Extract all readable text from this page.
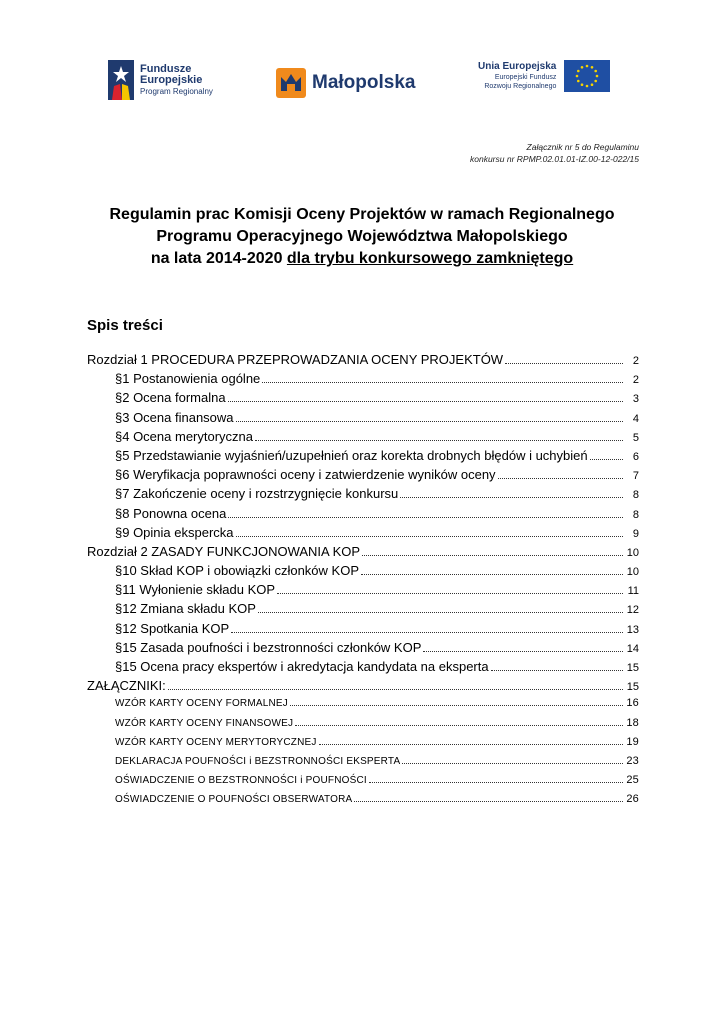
Fundusze
Europejskie
Program Regionalny	Małopolska
Unia Europejska
Europejski Fundusz
Rozwoju Regionalnego
Załącznik nr 5 do Regulaminu
konkursu nr RPMP.02.01.01-IZ.00-12-022/15
Regulamin prac Komisji Oceny Projektów w ramach Regionalnego
Programu Operacyjnego Województwa Małopolskiego
na lata 2014-2020 dla trybu konkursowego zamkniętego
Spis treści
Rozdział 1 PROCEDURA PRZEPROWADZANIA OCENY PROJEKTÓW	2
§1 Postanowienia ogólne	2
§2 Ocena formalna	3
§3 Ocena finansowa	4
§4 Ocena merytoryczna	5
§5 Przedstawianie wyjaśnień/uzupełnień oraz korekta drobnych błędów i uchybień	6
§6 Weryfikacja poprawności oceny i zatwierdzenie wyników oceny	7
§7 Zakończenie oceny i rozstrzygnięcie konkursu	8
§8 Ponowna ocena	8
§9 Opinia ekspercka	9
Rozdział 2 ZASADY FUNKCJONOWANIA KOP	10
§10 Skład KOP i obowiązki członków KOP	10
§11 Wyłonienie składu KOP	11
§12 Zmiana składu KOP	12
§12 Spotkania KOP	13
§15 Zasada poufności i bezstronności członków KOP	14
§15 Ocena pracy ekspertów i akredytacja kandydata na eksperta	15
ZAŁĄCZNIKI:	15
WZÓR KARTY OCENY FORMALNEJ	16
WZÓR KARTY OCENY FINANSOWEJ	18
WZÓR KARTY OCENY MERYTORYCZNEJ	19
DEKLARACJA POUFNOŚCI i BEZSTRONNOŚCI EKSPERTA	23
OŚWIADCZENIE O BEZSTRONNOŚCI i POUFNOŚCI	25
OŚWIADCZENIE O POUFNOŚCI OBSERWATORA	26
